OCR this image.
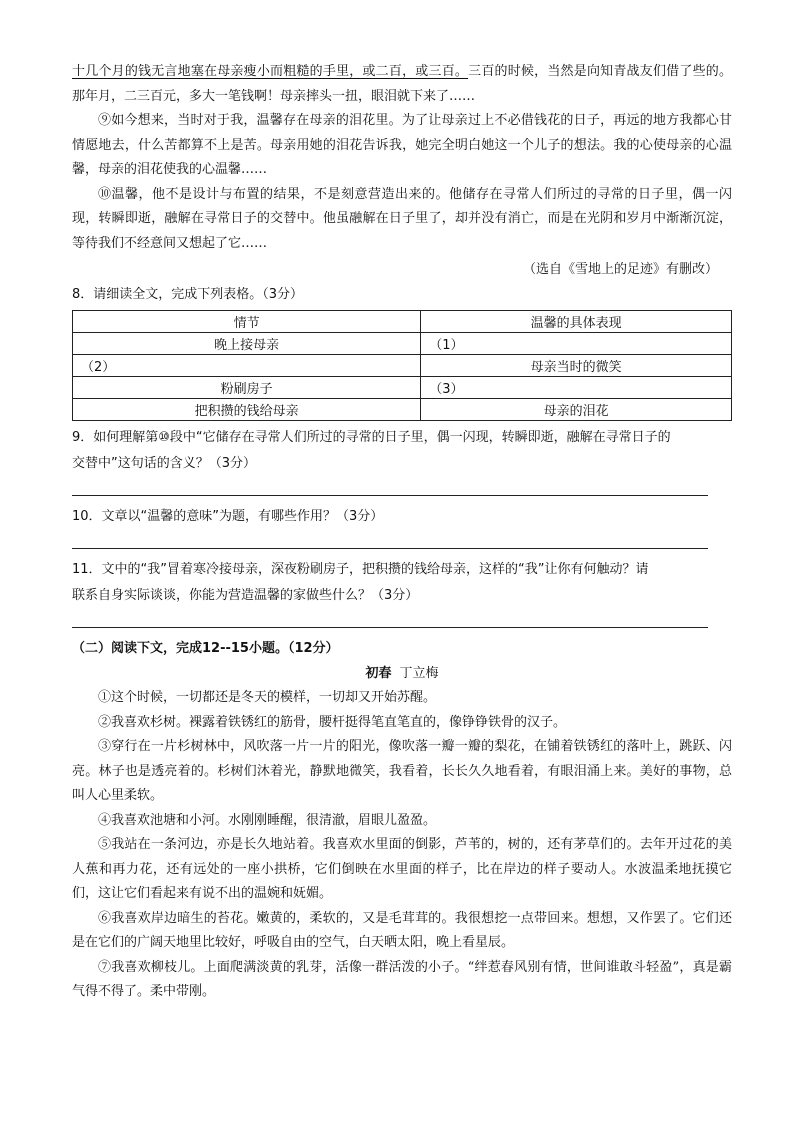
十几个月的钱无言地塞在母亲瘦小而粗糙的手里，或二百，或三百。三百的时候，当然是向知青战友们借了些的。那年月，二三百元，多大一笔钱啊！母亲摔头一扭，眼泪就下来了……

⑨如今想来，当时对于我，温馨存在母亲的泪花里。为了让母亲过上不必借钱花的日子，再远的地方我都心甘情愿地去，什么苦都算不上是苦。母亲用她的泪花告诉我，她完全明白她这一个儿子的想法。我的心使母亲的心温馨，母亲的泪花使我的心温馨……

⑩温馨，他不是设计与布置的结果，不是刻意营造出来的。他储存在寻常人们所过的寻常的日子里，偶一闪现，转瞬即逝，融解在寻常日子的交替中。他虽融解在日子里了，却并没有消亡，而是在光阴和岁月中渐渐沉淀，等待我们不经意间又想起了它……

（选自《雪地上的足迹》有删改）

8．请细读全文，完成下列表格。（3分）

情节	温馨的具体表现
晚上接母亲	（1）
（2）	母亲当时的微笑
粉刷房子	（3）
把积攒的钱给母亲	母亲的泪花

9．如何理解第⑩段中“它储存在寻常人们所过的寻常的日子里，偶一闪现，转瞬即逝，融解在寻常日子的

交替中”这句话的含义？（3分）

10．文章以“温馨的意味”为题，有哪些作用？（3分）

11．文中的“我”冒着寒冷接母亲，深夜粉刷房子，把积攒的钱给母亲，这样的“我”让你有何触动？请

联系自身实际谈谈，你能为营造温馨的家做些什么？（3分）

（二）阅读下文，完成12--15小题。（12分）

初春 丁立梅

①这个时候，一切都还是冬天的模样，一切却又开始苏醒。

②我喜欢杉树。裸露着铁锈红的筋骨，腰杆挺得笔直笔直的，像铮铮铁骨的汉子。

③穿行在一片杉树林中，风吹落一片一片的阳光，像吹落一瓣一瓣的梨花，在铺着铁锈红的落叶上，跳跃、闪亮。林子也是透亮着的。杉树们沐着光，静默地微笑，我看着，长长久久地看着，有眼泪涌上来。美好的事物，总叫人心里柔软。

④我喜欢池塘和小河。水刚刚睡醒，很清澈，眉眼儿盈盈。

⑤我站在一条河边，亦是长久地站着。我喜欢水里面的倒影，芦苇的，树的，还有茅草们的。去年开过花的美人蕉和再力花，还有远处的一座小拱桥，它们倒映在水里面的样子，比在岸边的样子要动人。水波温柔地抚摸它们，这让它们看起来有说不出的温婉和妩媚。

⑥我喜欢岸边暗生的苔花。嫩黄的，柔软的，又是毛茸茸的。我很想挖一点带回来。想想，又作罢了。它们还是在它们的广阔天地里比较好，呼吸自由的空气，白天晒太阳，晚上看星辰。

⑦我喜欢柳枝儿。上面爬满淡黄的乳芽，活像一群活泼的小子。“绊惹春风别有情，世间谁敢斗轻盈”，真是霸气得不得了。柔中带刚。
